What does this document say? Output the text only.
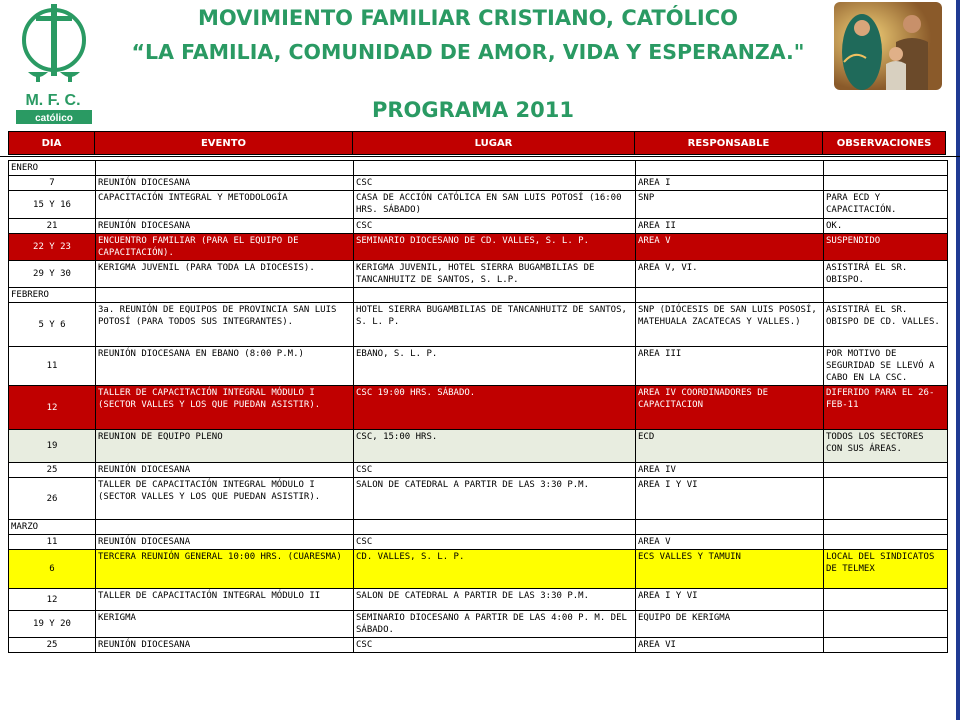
M. F. C.
católico
MOVIMIENTO FAMILIAR CRISTIANO, CATÓLICO
“LA FAMILIA, COMUNIDAD DE AMOR, VIDA Y ESPERANZA."
PROGRAMA 2011
DIA	EVENTO	LUGAR	RESPONSABLE	OBSERVACIONES
ENERO				
7	REUNIÓN DIOCESANA	CSC	AREA I	
15 Y 16	CAPACITACIÓN INTEGRAL Y METODOLOGÍA	CASA DE ACCIÓN CATÓLICA EN SAN LUIS POTOSÍ (16:00 HRS. SÁBADO)	SNP	PARA ECD Y CAPACITACIÓN.
21	REUNIÓN DIOCESANA	CSC	AREA II	OK.
22 Y 23	ENCUENTRO FAMILIAR (PARA EL EQUIPO DE CAPACITACIÓN).	SEMINARIO DIOCESANO DE CD. VALLES, S. L. P.	AREA V	SUSPENDIDO
29 Y 30	KERIGMA JUVENIL (PARA TODA LA DIOCESIS).	KERIGMA JUVENIL, HOTEL SIERRA BUGAMBILIAS DE TANCANHUITZ DE SANTOS, S. L.P.	AREA V, VI.	ASISTIRÁ EL SR. OBISPO.
FEBRERO				
5 Y 6	3a. REUNIÓN DE EQUIPOS DE PROVINCIA SAN LUIS POTOSÍ (PARA TODOS SUS INTEGRANTES).	HOTEL SIERRA BUGAMBILIAS DE TANCANHUITZ DE SANTOS, S. L. P.	SNP (DIÓCESIS DE SAN LUIS POSOSÍ, MATEHUALA ZACATECAS Y VALLES.)	ASISTIRÁ EL SR. OBISPO DE CD. VALLES.
11	REUNIÓN DIOCESANA EN EBANO (8:00 P.M.)	EBANO, S. L. P.	AREA III	POR MOTIVO DE SEGURIDAD SE LLEVÓ A CABO EN LA CSC.
12	TALLER DE CAPACITACIÓN INTEGRAL MÓDULO I (SECTOR VALLES Y LOS QUE PUEDAN ASISTIR).	CSC 19:00 HRS. SÁBADO.	AREA IV COORDINADORES DE CAPACITACION	DIFERIDO PARA EL 26-FEB-11
19	REUNION DE EQUIPO PLENO	CSC, 15:00 HRS.	ECD	TODOS LOS SECTORES CON SUS ÁREAS.
25	REUNIÓN DIOCESANA	CSC	AREA IV	
26	TALLER DE CAPACITACIÓN INTEGRAL MÓDULO I (SECTOR VALLES Y LOS QUE PUEDAN ASISTIR).	SALON DE CATEDRAL A PARTIR DE LAS 3:30 P.M.	AREA I Y VI	
MARZO				
11	REUNIÓN DIOCESANA	CSC	AREA V	
6	TERCERA REUNIÓN GENERAL 10:00 HRS. (CUARESMA)	CD. VALLES, S. L. P.	ECS VALLES Y TAMUIN	LOCAL DEL SINDICATOS DE TELMEX
12	TALLER DE CAPACITACIÓN INTEGRAL MÓDULO II	SALON DE CATEDRAL A PARTIR DE LAS 3:30 P.M.	AREA I Y VI	
19 Y 20	KERIGMA	SEMINARIO DIOCESANO A PARTIR DE LAS 4:00 P. M. DEL SÁBADO.	EQUIPO DE KERIGMA	
25	REUNIÓN DIOCESANA	CSC	AREA VI	
